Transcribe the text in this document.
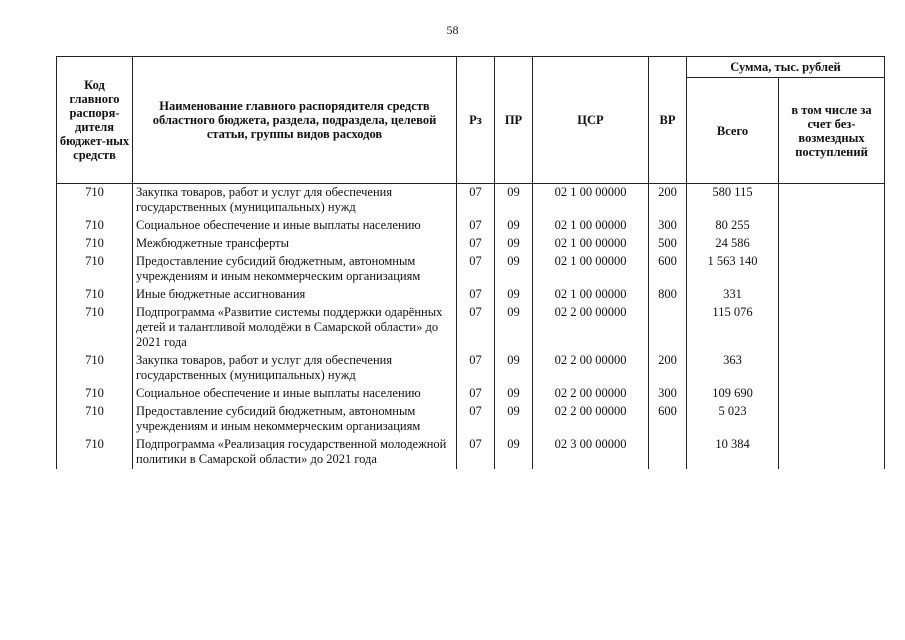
58
Код главного распоря-дителя бюджет-ных средств	Наименование главного распорядителя средств областного бюджета, раздела, подраздела, целевой статьи, группы видов расходов	Рз	ПР	ЦСР	ВР	Сумма, тыс. рублей	
						Всего	в том числе за счет без-возмездных поступлений
710	Закупка товаров, работ и услуг для обеспечения государственных (муниципальных) нужд	07	09	02 1 00 00000	200	580 115	
710	Социальное обеспечение и иные выплаты населению	07	09	02 1 00 00000	300	80 255	
710	Межбюджетные трансферты	07	09	02 1 00 00000	500	24 586	
710	Предоставление субсидий бюджетным, автономным учреждениям и иным некоммерческим организациям	07	09	02 1 00 00000	600	1 563 140	
710	Иные бюджетные ассигнования	07	09	02 1 00 00000	800	331	
710	Подпрограмма «Развитие системы поддержки одарённых детей и талантливой молодёжи в Самарской области» до 2021 года	07	09	02 2 00 00000		115 076	
710	Закупка товаров, работ и услуг для обеспечения государственных (муниципальных) нужд	07	09	02 2 00 00000	200	363	
710	Социальное обеспечение и иные выплаты населению	07	09	02 2 00 00000	300	109 690	
710	Предоставление субсидий бюджетным, автономным учреждениям и иным некоммерческим организациям	07	09	02 2 00 00000	600	5 023	
710	Подпрограмма «Реализация государственной молодежной политики в Самарской области» до 2021 года	07	09	02 3 00 00000		10 384	
